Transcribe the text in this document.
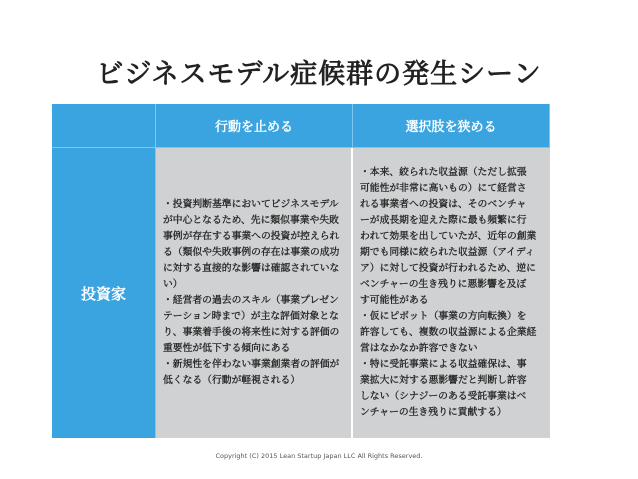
ビジネスモデル症候群の発生シーン
行動を止める	選択肢を狭める
投資家

・投資判断基準においてビジネスモデル
が中心となるため、先に類似事業や失敗
事例が存在する事業への投資が控えられ
る（類似や失敗事例の存在は事業の成功
に対する直接的な影響は確認されていな
い）
・経営者の過去のスキル（事業プレゼン
テーション時まで）が主な評価対象とな
り、事業着手後の将来性に対する評価の
重要性が低下する傾向にある
・新規性を伴わない事業創業者の評価が
低くなる（行動が軽視される）

・本来、絞られた収益源（ただし拡張
可能性が非常に高いもの）にて経営さ
れる事業者への投資は、そのベンチャ
ーが成長期を迎えた際に最も頻繁に行
われて効果を出していたが、近年の創業
期でも同様に絞られた収益源（アイディ
ア）に対して投資が行われるため、逆に
ベンチャーの生き残りに悪影響を及ぼ
す可能性がある
・仮にピボット（事業の方向転換）を
許容しても、複数の収益源による企業経
営はなかなか許容できない
・特に受託事業による収益確保は、事
業拡大に対する悪影響だと判断し許容
しない（シナジーのある受託事業はベ
ンチャーの生き残りに貢献する）

Copyright (C) 2015 Lean Startup Japan LLC All Rights Reserved.
